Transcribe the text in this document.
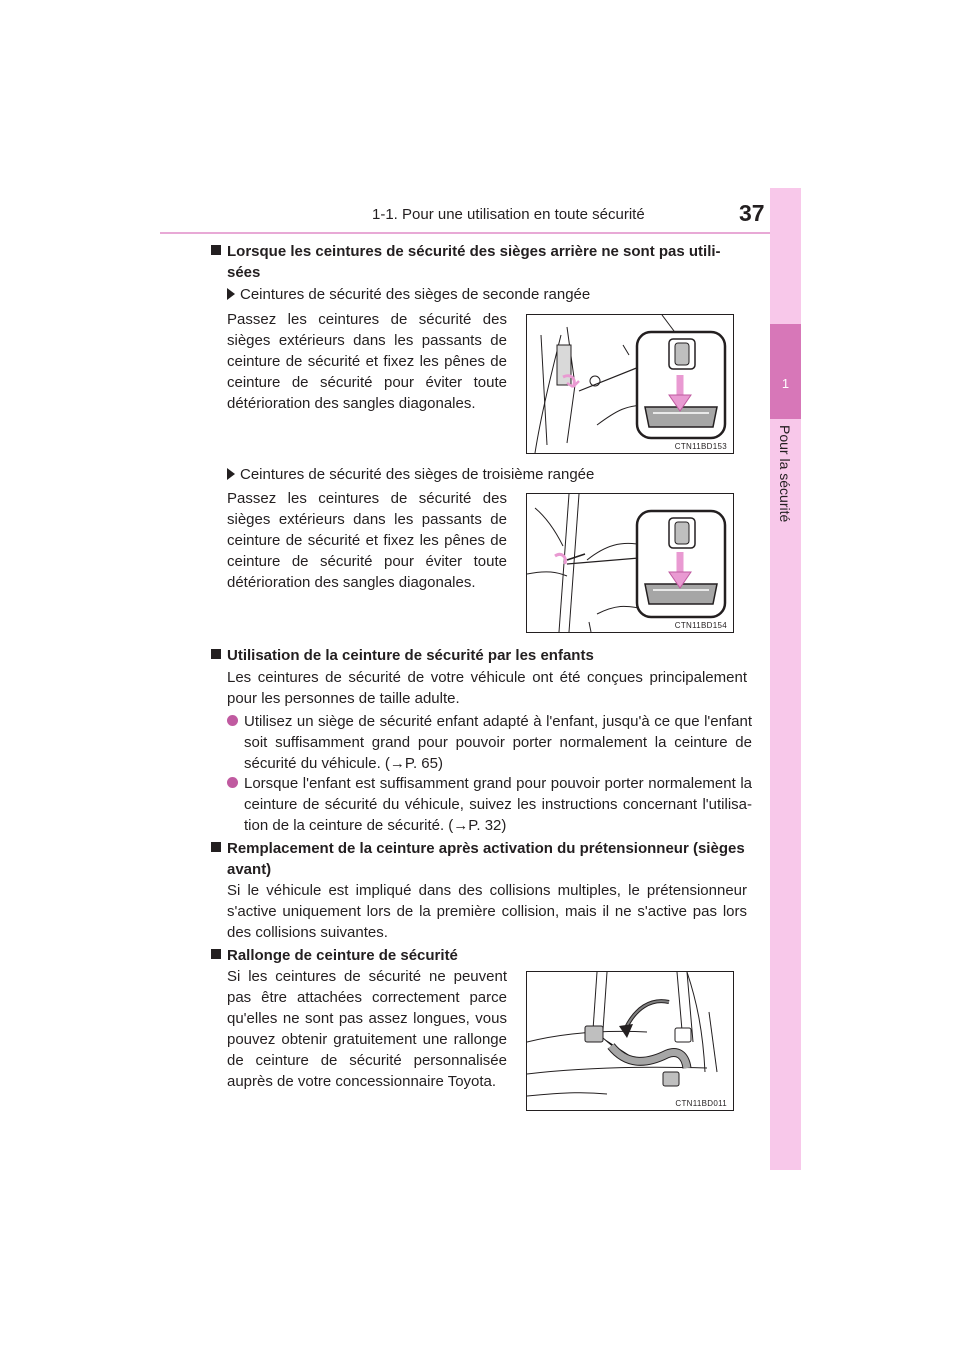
1-1. Pour une utilisation en toute sécurité	37
1
Pour la sécurité
Lorsque les ceintures de sécurité des sièges arrière ne sont pas utili-
sées
Ceintures de sécurité des sièges de seconde rangée
Passez les ceintures de sécurité des sièges extérieurs dans les passants de ceinture de sécurité et fixez les pênes de ceinture de sécurité pour éviter toute détérioration des sangles diagonales.
CTN11BD153
Ceintures de sécurité des sièges de troisième rangée
Passez les ceintures de sécurité des sièges extérieurs dans les passants de ceinture de sécurité et fixez les pênes de ceinture de sécurité pour éviter toute détérioration des sangles diagonales.
CTN11BD154
Utilisation de la ceinture de sécurité par les enfants
Les ceintures de sécurité de votre véhicule ont été conçues principalement pour les personnes de taille adulte.
Utilisez un siège de sécurité enfant adapté à l'enfant, jusqu'à ce que l'enfant soit suffisamment grand pour pouvoir porter normalement la ceinture de sécurité du véhicule. (→P. 65)
Lorsque l'enfant est suffisamment grand pour pouvoir porter normalement la ceinture de sécurité du véhicule, suivez les instructions concernant l'utilisa-tion de la ceinture de sécurité. (→P. 32)
Remplacement de la ceinture après activation du prétensionneur (sièges
avant)
Si le véhicule est impliqué dans des collisions multiples, le prétensionneur s'active uniquement lors de la première collision, mais il ne s'active pas lors des collisions suivantes.
Rallonge de ceinture de sécurité
Si les ceintures de sécurité ne peuvent pas être attachées correctement parce qu'elles ne sont pas assez longues, vous pouvez obtenir gratuitement une rallonge de ceinture de sécurité personnalisée auprès de votre concessionnaire Toyota.
CTN11BD011
